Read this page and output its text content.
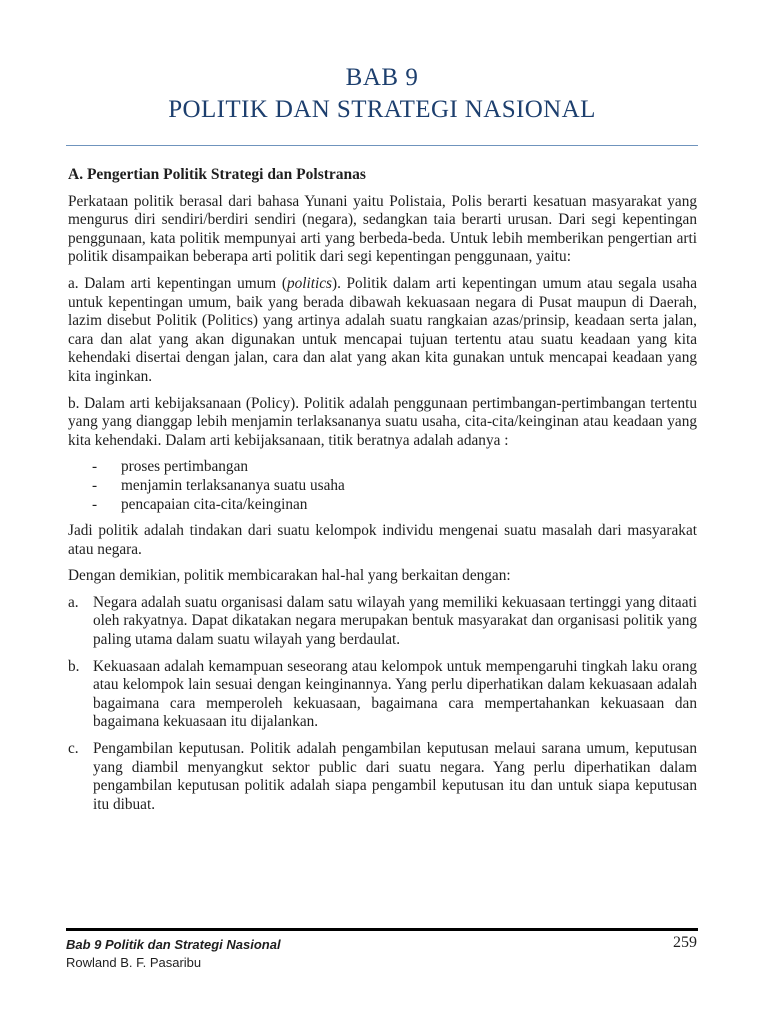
BAB 9
POLITIK DAN STRATEGI NASIONAL
A. Pengertian Politik Strategi dan Polstranas

Perkataan politik berasal dari bahasa Yunani yaitu Polistaia, Polis berarti kesatuan masyarakat yang mengurus diri sendiri/berdiri sendiri (negara), sedangkan taia berarti urusan. Dari segi kepentingan penggunaan, kata politik mempunyai arti yang berbeda-beda. Untuk lebih memberikan pengertian arti politik disampaikan beberapa arti politik dari segi kepentingan penggunaan, yaitu:

a. Dalam arti kepentingan umum (politics). Politik dalam arti kepentingan umum atau segala usaha untuk kepentingan umum, baik yang berada dibawah kekuasaan negara di Pusat maupun di Daerah, lazim disebut Politik (Politics) yang artinya adalah suatu rangkaian azas/prinsip, keadaan serta jalan, cara dan alat yang akan digunakan untuk mencapai tujuan tertentu atau suatu keadaan yang kita kehendaki disertai dengan jalan, cara dan alat yang akan kita gunakan untuk mencapai keadaan yang kita inginkan.

b. Dalam arti kebijaksanaan (Policy). Politik adalah penggunaan pertimbangan-pertimbangan tertentu yang yang dianggap lebih menjamin terlaksananya suatu usaha, cita-cita/keinginan atau keadaan yang kita kehendaki. Dalam arti kebijaksanaan, titik beratnya adalah adanya :

- proses pertimbangan
- menjamin terlaksananya suatu usaha
- pencapaian cita-cita/keinginan

Jadi politik adalah tindakan dari suatu kelompok individu mengenai suatu masalah dari masyarakat atau negara.

Dengan demikian, politik membicarakan hal-hal yang berkaitan dengan:

a. Negara adalah suatu organisasi dalam satu wilayah yang memiliki kekuasaan tertinggi yang ditaati oleh rakyatnya. Dapat dikatakan negara merupakan bentuk masyarakat dan organisasi politik yang paling utama dalam suatu wilayah yang berdaulat.
b. Kekuasaan adalah kemampuan seseorang atau kelompok untuk mempengaruhi tingkah laku orang atau kelompok lain sesuai dengan keinginannya. Yang perlu diperhatikan dalam kekuasaan adalah bagaimana cara memperoleh kekuasaan, bagaimana cara mempertahankan kekuasaan dan bagaimana kekuasaan itu dijalankan.
c. Pengambilan keputusan. Politik adalah pengambilan keputusan melaui sarana umum, keputusan yang diambil menyangkut sektor public dari suatu negara. Yang perlu diperhatikan dalam pengambilan keputusan politik adalah siapa pengambil keputusan itu dan untuk siapa keputusan itu dibuat.
Bab 9 Politik dan Strategi Nasional
Rowland B. F. Pasaribu
259
